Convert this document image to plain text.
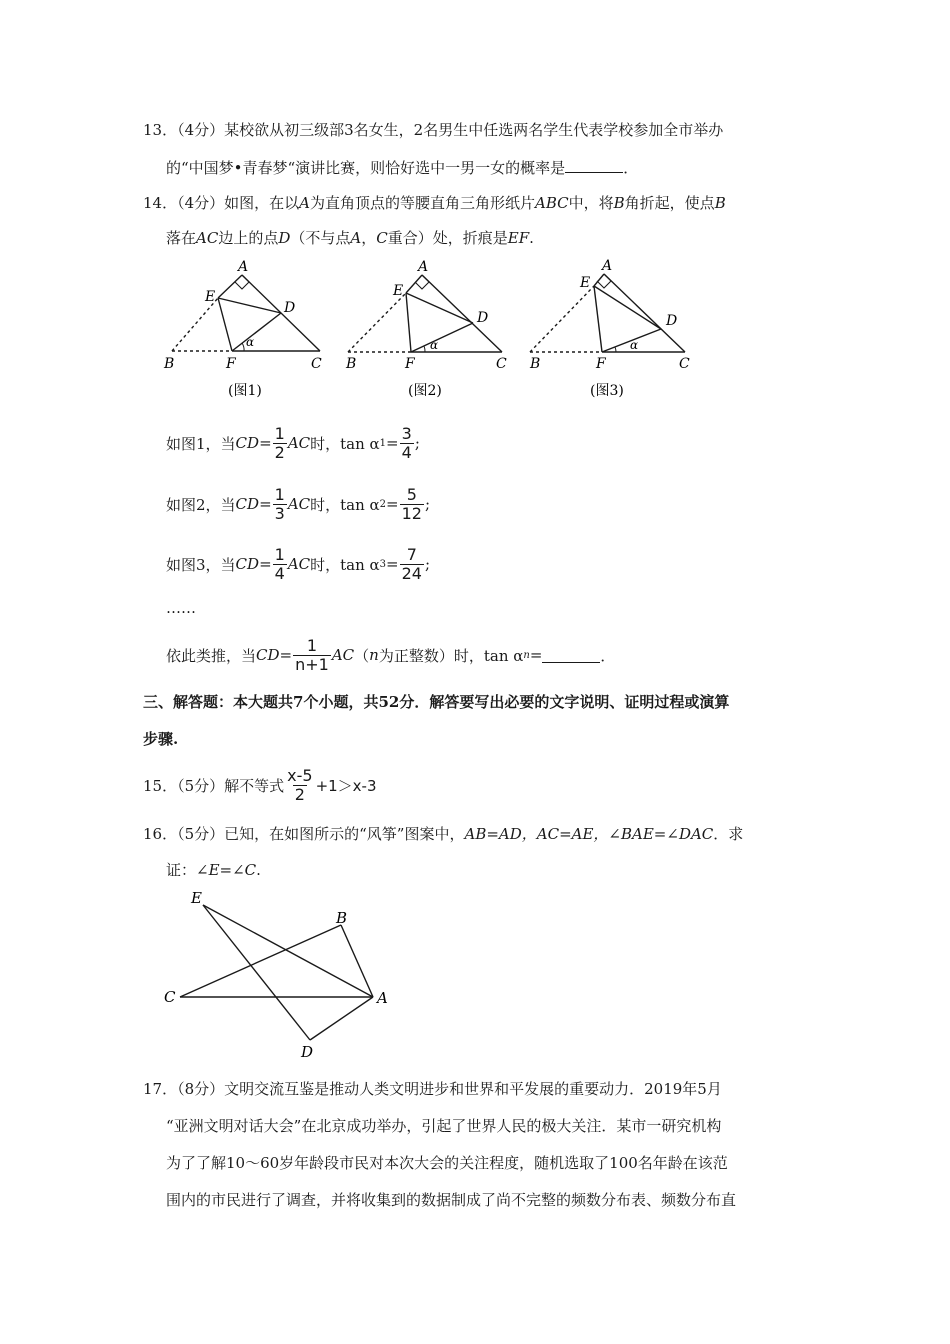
13．（4分）某校欲从初三级部3名女生，2名男生中任选两名学生代表学校参加全市举办
的“中国梦•青春梦“演讲比赛，则恰好选中一男一女的概率是	．
14．（4分）如图，在以A为直角顶点的等腰直角三角形纸片ABC中，将B角折起，使点B
落在AC边上的点D（不与点A，C重合）处，折痕是EF.
A
E
D
B	F	C
α
(图1)
A
E
D
B	F	C
α
(图2)
A
E
D
B	F	C
α
(图3)
如图1，当 CD = $\frac{1}{2}$ AC 时，tan α $1 = \frac{3}{4}$ ;
如图2，当 CD = $\frac{1}{3}$ AC 时，tan α $2 = \frac{5}{12}$ ;
如图3，当 CD = $\frac{1}{4}$ AC 时，tan α $3 = \frac{7}{24}$ ;
……
依此类推，当 CD = $\frac{1}{n+1}$ AC （ n 为正整数）时，tan α n =	．
三、解答题：本大题共7个小题，共52分．解答要写出必要的文字说明、证明过程或演算
步骤.
15．（5分）解不等式 $\frac{x-5}{2} +1>x-3$
16．（5分）已知，在如图所示的“风筝”图案中，AB=AD，AC=AE，∠BAE=∠DAC．求
证：∠E=∠C.
E
B
C	A
D
17．（8分）文明交流互鉴是推动人类文明进步和世界和平发展的重要动力．2019年5月
“亚洲文明对话大会”在北京成功举办，引起了世界人民的极大关注．某市一研究机构
为了了解10～60岁年龄段市民对本次大会的关注程度，随机选取了100名年龄在该范
围内的市民进行了调查，并将收集到的数据制成了尚不完整的频数分布表、频数分布直
